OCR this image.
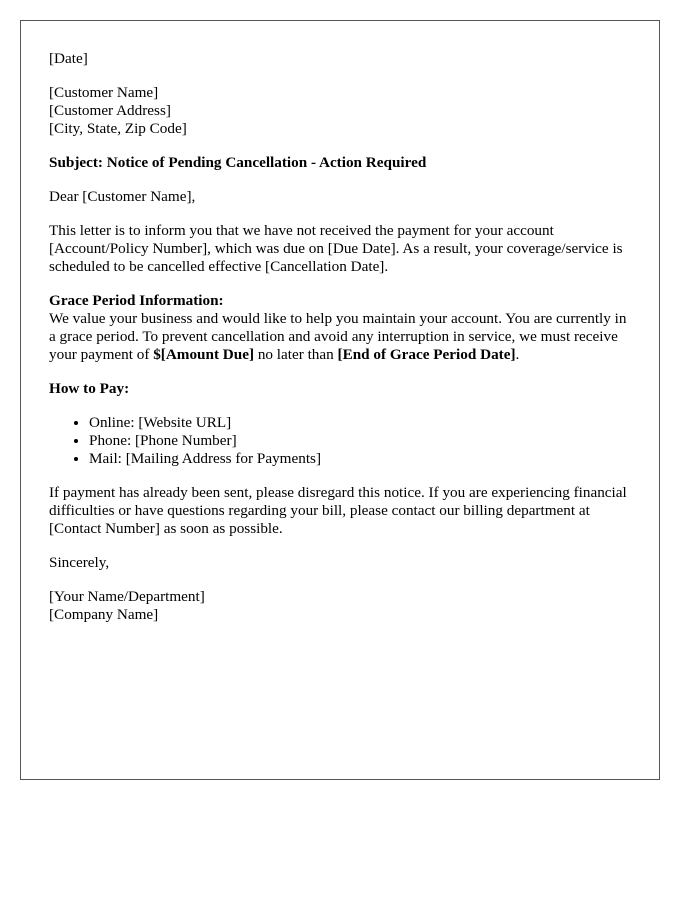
[Date]

[Customer Name]
[Customer Address]
[City, State, Zip Code]

Subject: Notice of Pending Cancellation - Action Required

Dear [Customer Name],

This letter is to inform you that we have not received the payment for your account [Account/Policy Number], which was due on [Due Date]. As a result, your coverage/service is scheduled to be cancelled effective [Cancellation Date].

Grace Period Information:
We value your business and would like to help you maintain your account. You are currently in a grace period. To prevent cancellation and avoid any interruption in service, we must receive your payment of $[Amount Due] no later than [End of Grace Period Date].

How to Pay:

• Online: [Website URL]
• Phone: [Phone Number]
• Mail: [Mailing Address for Payments]

If payment has already been sent, please disregard this notice. If you are experiencing financial difficulties or have questions regarding your bill, please contact our billing department at [Contact Number] as soon as possible.

Sincerely,

[Your Name/Department]
[Company Name]
